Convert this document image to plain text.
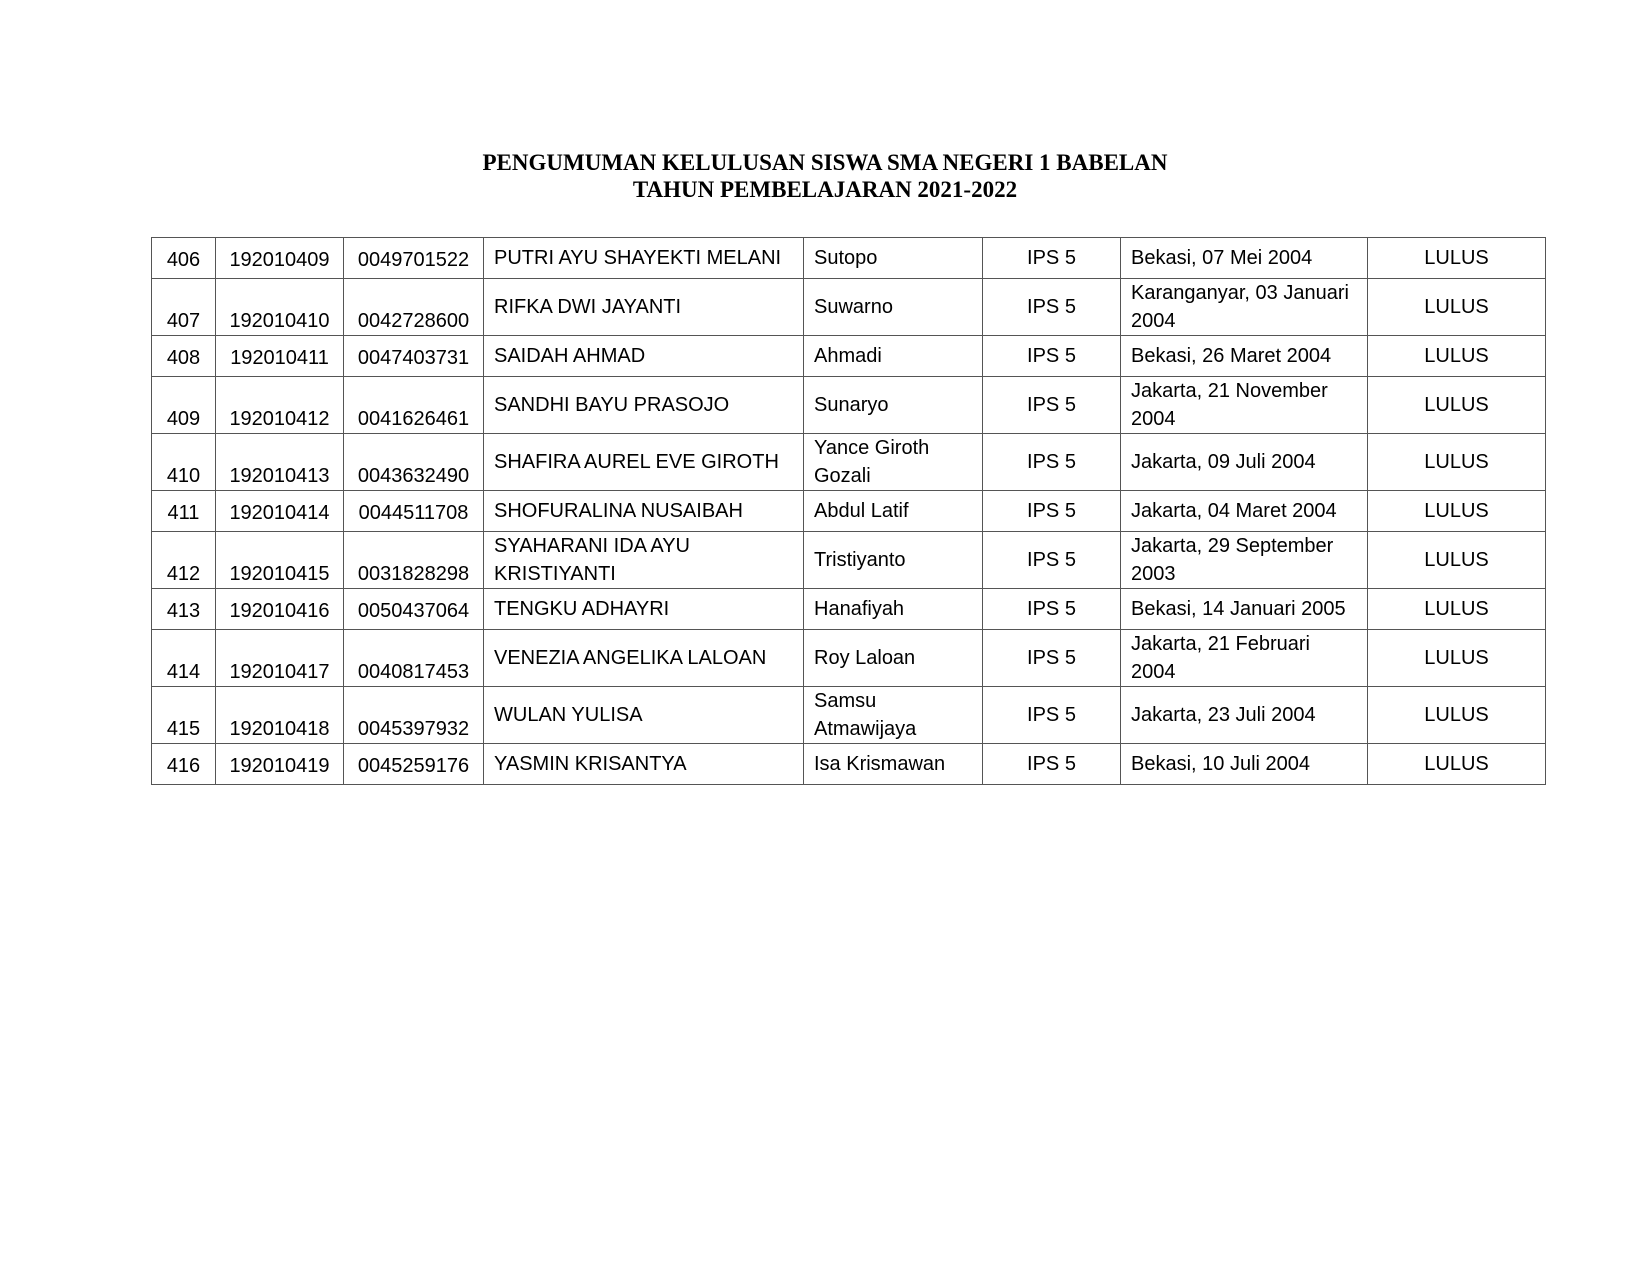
PENGUMUMAN KELULUSAN SISWA SMA NEGERI 1 BABELAN
TAHUN PEMBELAJARAN 2021-2022
406	192010409	0049701522	PUTRI AYU SHAYEKTI MELANI	Sutopo	IPS 5	Bekasi, 07 Mei 2004	LULUS
407	192010410	0042728600	RIFKA DWI JAYANTI	Suwarno	IPS 5	Karanganyar, 03 Januari 2004	LULUS
408	192010411	0047403731	SAIDAH AHMAD	Ahmadi	IPS 5	Bekasi, 26 Maret 2004	LULUS
409	192010412	0041626461	SANDHI BAYU PRASOJO	Sunaryo	IPS 5	Jakarta, 21 November 2004	LULUS
410	192010413	0043632490	SHAFIRA AUREL EVE GIROTH	Yance Giroth Gozali	IPS 5	Jakarta, 09 Juli 2004	LULUS
411	192010414	0044511708	SHOFURALINA NUSAIBAH	Abdul Latif	IPS 5	Jakarta, 04 Maret 2004	LULUS
412	192010415	0031828298	SYAHARANI IDA AYU KRISTIYANTI	Tristiyanto	IPS 5	Jakarta, 29 September 2003	LULUS
413	192010416	0050437064	TENGKU ADHAYRI	Hanafiyah	IPS 5	Bekasi, 14 Januari 2005	LULUS
414	192010417	0040817453	VENEZIA ANGELIKA LALOAN	Roy Laloan	IPS 5	Jakarta, 21 Februari 2004	LULUS
415	192010418	0045397932	WULAN YULISA	Samsu Atmawijaya	IPS 5	Jakarta, 23 Juli 2004	LULUS
416	192010419	0045259176	YASMIN KRISANTYA	Isa Krismawan	IPS 5	Bekasi, 10 Juli 2004	LULUS
